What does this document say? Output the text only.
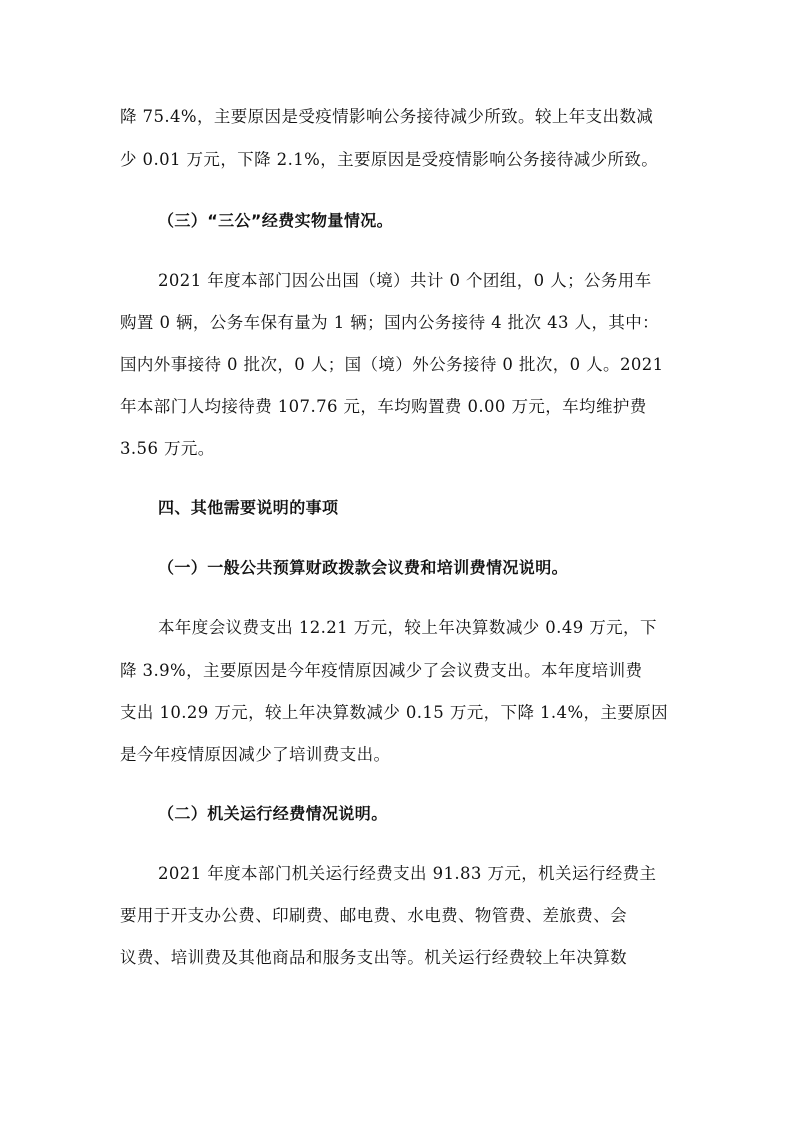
降 75.4%，主要原因是受疫情影响公务接待减少所致。较上年支出数减
少 0.01 万元，下降 2.1%，主要原因是受疫情影响公务接待减少所致。
（三）“三公”经费实物量情况。
2021 年度本部门因公出国（境）共计 0 个团组，0 人；公务用车
购置 0 辆，公务车保有量为 1 辆；国内公务接待 4 批次 43 人，其中：
国内外事接待 0 批次，0 人；国（境）外公务接待 0 批次，0 人。2021
年本部门人均接待费 107.76 元，车均购置费 0.00 万元，车均维护费
3.56 万元。
四、其他需要说明的事项
（一）一般公共预算财政拨款会议费和培训费情况说明。
本年度会议费支出 12.21 万元，较上年决算数减少 0.49 万元，下
降 3.9%，主要原因是今年疫情原因减少了会议费支出。本年度培训费
支出 10.29 万元，较上年决算数减少 0.15 万元，下降 1.4%，主要原因
是今年疫情原因减少了培训费支出。
（二）机关运行经费情况说明。
2021 年度本部门机关运行经费支出 91.83 万元，机关运行经费主
要用于开支办公费、印刷费、邮电费、水电费、物管费、差旅费、会
议费、培训费及其他商品和服务支出等。机关运行经费较上年决算数
